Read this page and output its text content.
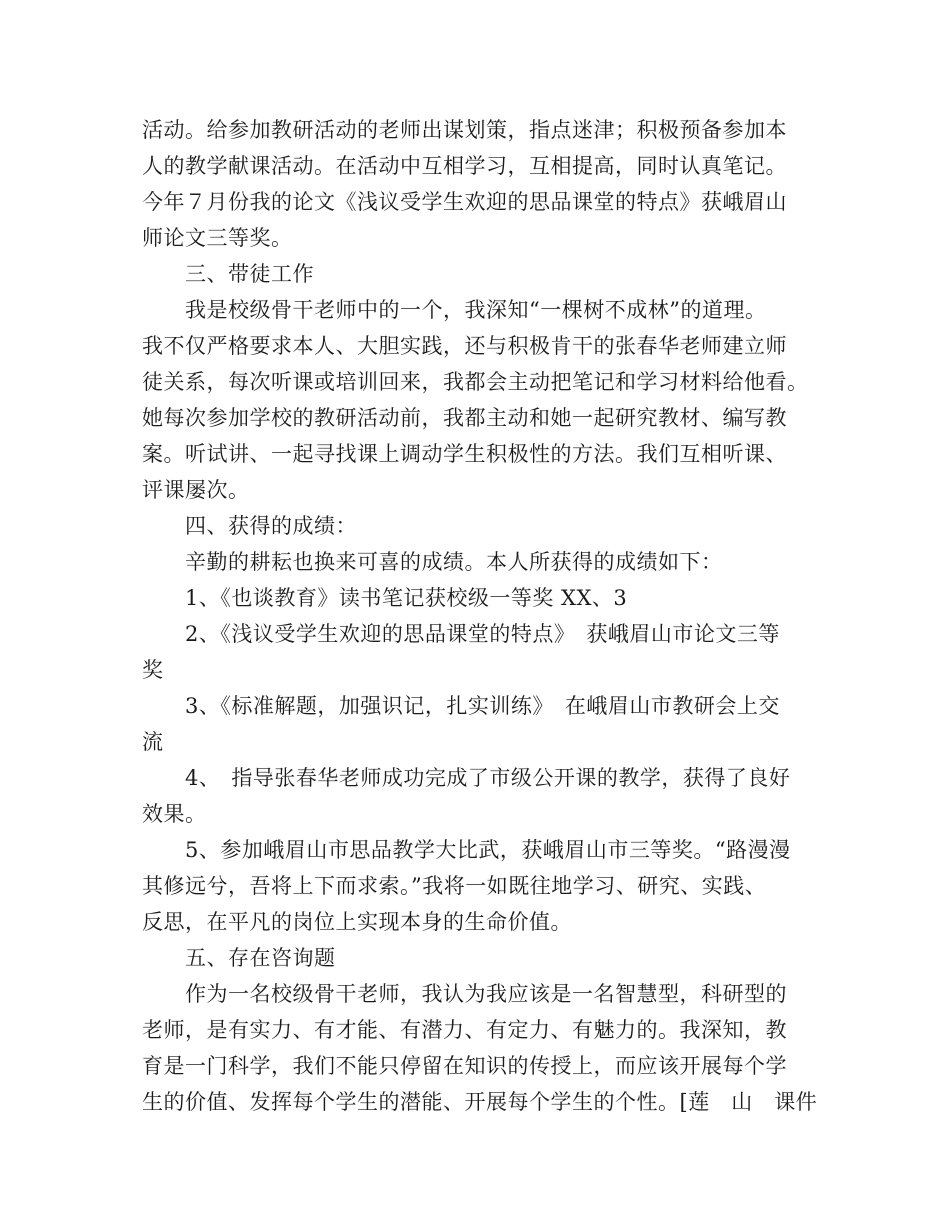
活动。给参加教研活动的老师出谋划策，指点迷津；积极预备参加本
人的教学献课活动。在活动中互相学习，互相提高，同时认真笔记。
今年７月份我的论文《浅议受学生欢迎的思品课堂的特点》获峨眉山
师论文三等奖。
三、带徒工作
我是校级骨干老师中的一个，我深知“一棵树不成林”的道理。
我不仅严格要求本人、大胆实践，还与积极肯干的张春华老师建立师
徒关系，每次听课或培训回来，我都会主动把笔记和学习材料给他看。
她每次参加学校的教研活动前，我都主动和她一起研究教材、编写教
案。听试讲、一起寻找课上调动学生积极性的方法。我们互相听课、
评课屡次。
四、获得的成绩：
辛勤的耕耘也换来可喜的成绩。本人所获得的成绩如下：
1、《也谈教育》读书笔记获校级一等奖 XX、3
2、《浅议受学生欢迎的思品课堂的特点》　获峨眉山市论文三等
奖
3、《标准解题，加强识记，扎实训练》　在峨眉山市教研会上交
流
4、　指导张春华老师成功完成了市级公开课的教学，获得了良好
效果。
5、参加峨眉山市思品教学大比武，获峨眉山市三等奖。“路漫漫
其修远兮，吾将上下而求索。”我将一如既往地学习、研究、实践、
反思，在平凡的岗位上实现本身的生命价值。
五、存在咨询题
作为一名校级骨干老师，我认为我应该是一名智慧型，科研型的
老师，是有实力、有才能、有潜力、有定力、有魅力的。我深知，教
育是一门科学，我们不能只停留在知识的传授上，而应该开展每个学
生的价值、发挥每个学生的潜能、开展每个学生的个性。[莲　山　课件
